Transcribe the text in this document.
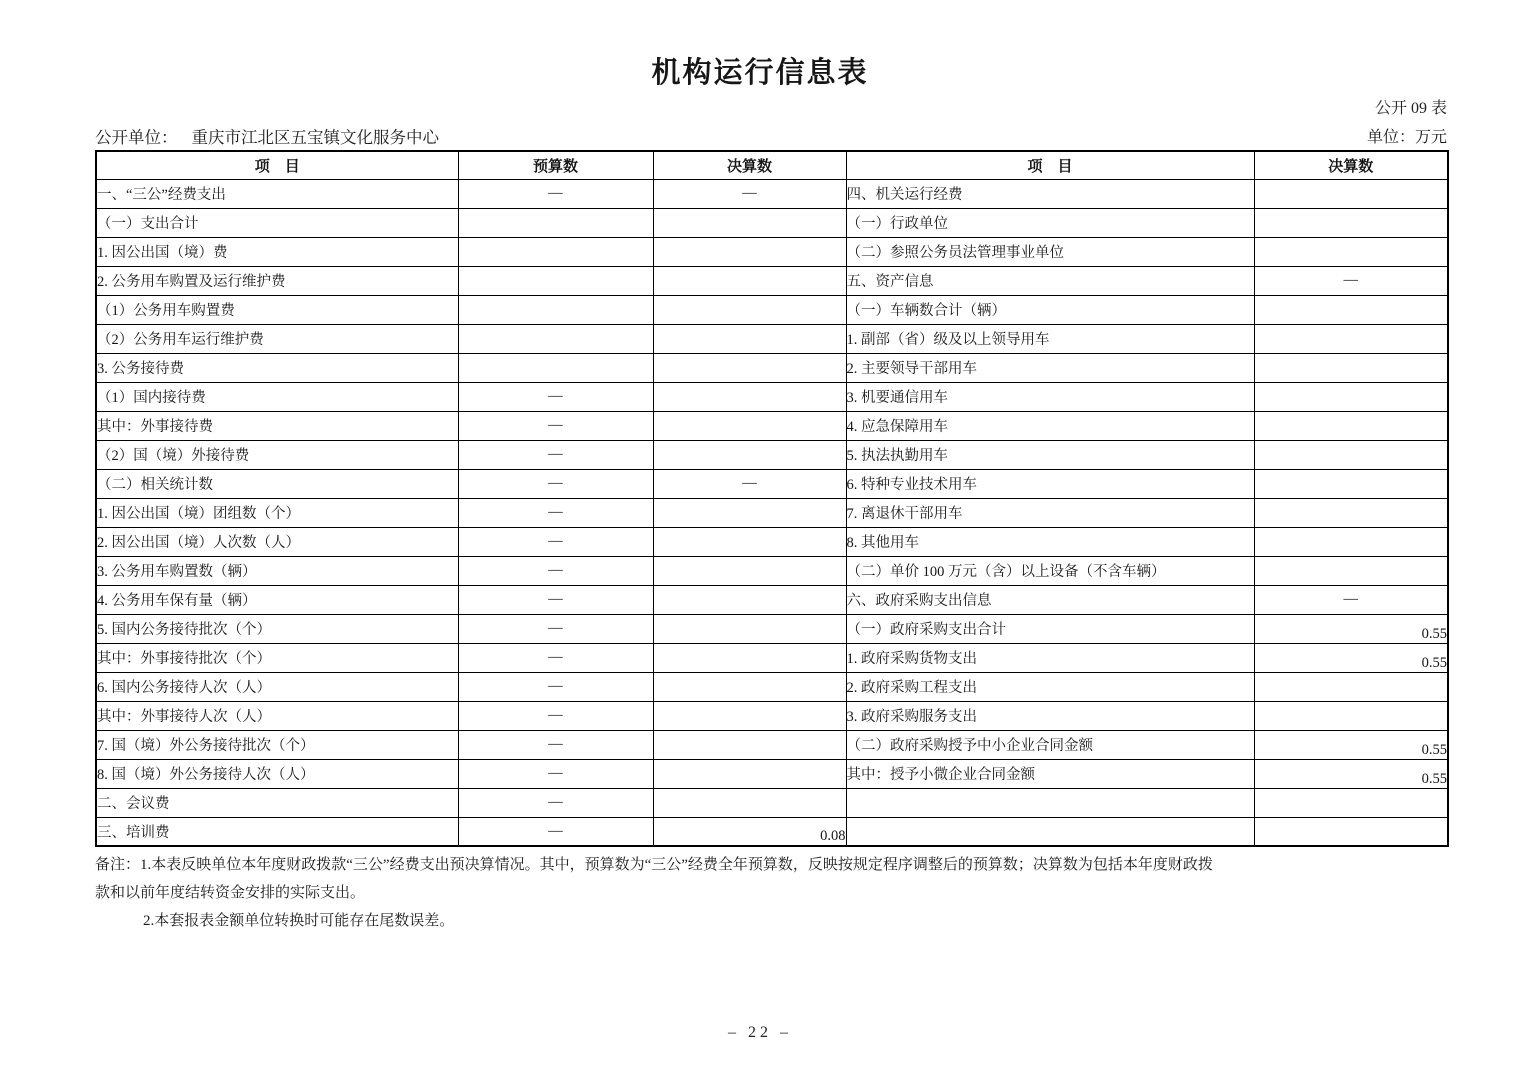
机构运行信息表
公开 09 表
公开单位： 重庆市江北区五宝镇文化服务中心	单位：万元
项　目	预算数	决算数	项　目	决算数
一、“三公”经费支出	—	—	四、机关运行经费	
（一）支出合计			（一）行政单位	
1. 因公出国（境）费			（二）参照公务员法管理事业单位	
2. 公务用车购置及运行维护费			五、资产信息	—
（1）公务用车购置费			（一）车辆数合计（辆）	
（2）公务用车运行维护费			1. 副部（省）级及以上领导用车	
3. 公务接待费			2. 主要领导干部用车	
（1）国内接待费	—		3. 机要通信用车	
其中：外事接待费	—		4. 应急保障用车	
（2）国（境）外接待费	—		5. 执法执勤用车	
（二）相关统计数	—	—	6. 特种专业技术用车	
1. 因公出国（境）团组数（个）	—		7. 离退休干部用车	
2. 因公出国（境）人次数（人）	—		8. 其他用车	
3. 公务用车购置数（辆）	—		（二）单价 100 万元（含）以上设备（不含车辆）	
4. 公务用车保有量（辆）	—		六、政府采购支出信息	—
5. 国内公务接待批次（个）	—		（一）政府采购支出合计	0.55
其中：外事接待批次（个）	—		1. 政府采购货物支出	0.55
6. 国内公务接待人次（人）	—		2. 政府采购工程支出	
其中：外事接待人次（人）	—		3. 政府采购服务支出	
7. 国（境）外公务接待批次（个）	—		（二）政府采购授予中小企业合同金额	0.55
8. 国（境）外公务接待人次（人）	—		其中：授予小微企业合同金额	0.55
二、会议费	—			
三、培训费	—	0.08		
备注：1.本表反映单位本年度财政拨款“三公”经费支出预决算情况。其中，预算数为“三公”经费全年预算数，反映按规定程序调整后的预算数；决算数为包括本年度财政拨
款和以前年度结转资金安排的实际支出。
2.本套报表金额单位转换时可能存在尾数误差。
– 22 –
